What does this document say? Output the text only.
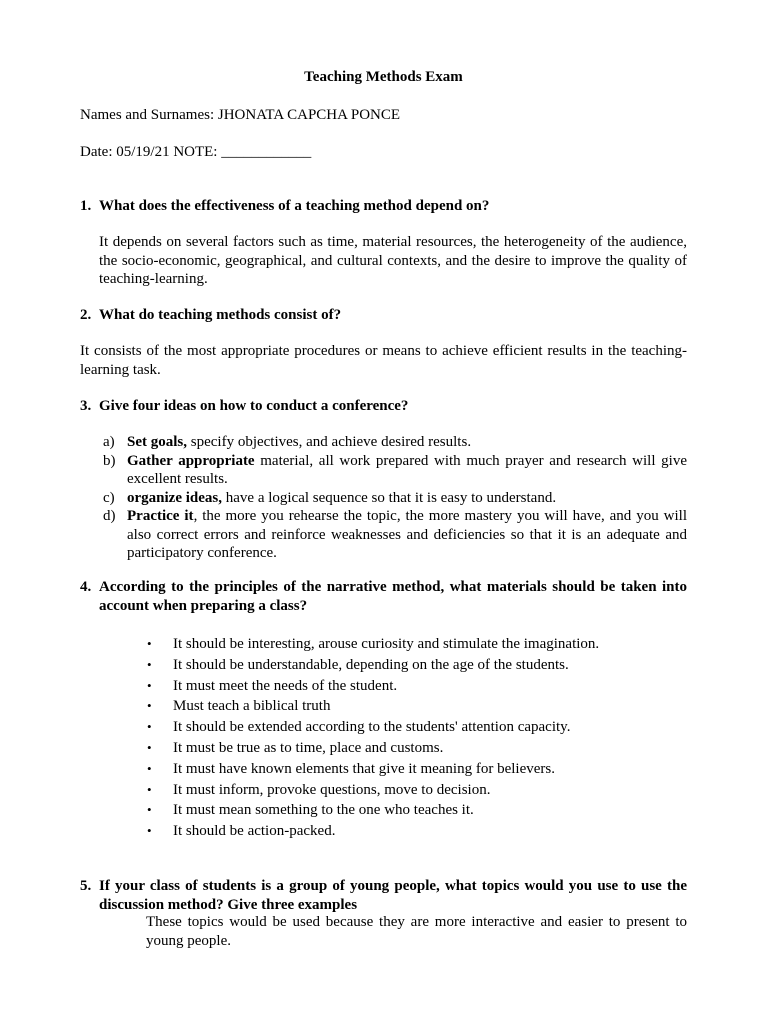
Teaching Methods Exam
Names and Surnames: JHONATA CAPCHA PONCE
Date: 05/19/21 NOTE: ____________
1. What does the effectiveness of a teaching method depend on?
It depends on several factors such as time, material resources, the heterogeneity of the audience, the socio-economic, geographical, and cultural contexts, and the desire to improve the quality of teaching-learning.
2. What do teaching methods consist of?
It consists of the most appropriate procedures or means to achieve efficient results in the teaching-learning task.
3. Give four ideas on how to conduct a conference?
a) Set goals, specify objectives, and achieve desired results.
b) Gather appropriate material, all work prepared with much prayer and research will give excellent results.
c) organize ideas, have a logical sequence so that it is easy to understand.
d) Practice it, the more you rehearse the topic, the more mastery you will have, and you will also correct errors and reinforce weaknesses and deficiencies so that it is an adequate and participatory conference.
4. According to the principles of the narrative method, what materials should be taken into account when preparing a class?
•	It should be interesting, arouse curiosity and stimulate the imagination.
•	It should be understandable, depending on the age of the students.
•	It must meet the needs of the student.
•	Must teach a biblical truth
•	It should be extended according to the students' attention capacity.
•	It must be true as to time, place and customs.
•	It must have known elements that give it meaning for believers.
•	It must inform, provoke questions, move to decision.
•	It must mean something to the one who teaches it.
•	It should be action-packed.
5. If your class of students is a group of young people, what topics would you use to use the discussion method? Give three examples
These topics would be used because they are more interactive and easier to present to young people.
